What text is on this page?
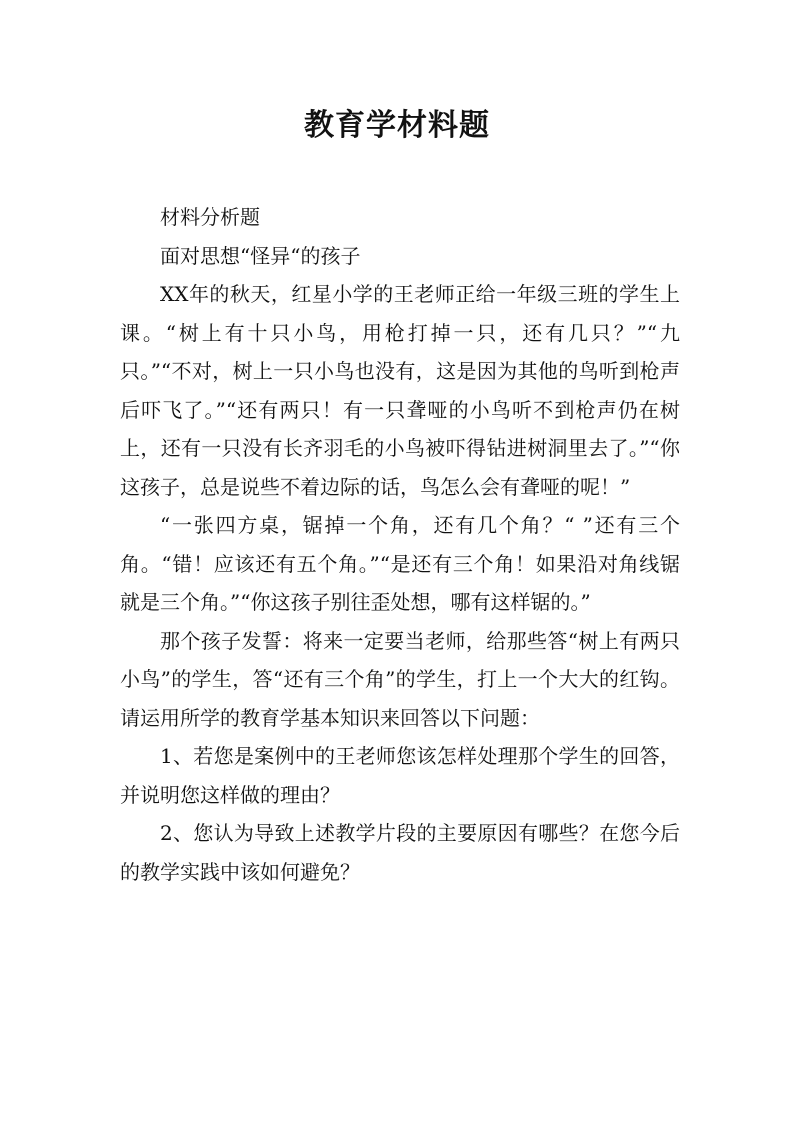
教育学材料题

材料分析题

面对思想“怪异“的孩子

XX年的秋天，红星小学的王老师正给一年级三班的学生上课。“树上有十只小鸟，用枪打掉一只，还有几只？”“九只。”“不对，树上一只小鸟也没有，这是因为其他的鸟听到枪声后吓飞了。”“还有两只！有一只聋哑的小鸟听不到枪声仍在树上，还有一只没有长齐羽毛的小鸟被吓得钻进树洞里去了。”“你这孩子，总是说些不着边际的话，鸟怎么会有聋哑的呢！”

“一张四方桌，锯掉一个角，还有几个角？“ ”还有三个角。“错！应该还有五个角。”“是还有三个角！如果沿对角线锯就是三个角。”“你这孩子别往歪处想，哪有这样锯的。”

那个孩子发誓：将来一定要当老师，给那些答“树上有两只小鸟”的学生，答“还有三个角”的学生，打上一个大大的红钩。请运用所学的教育学基本知识来回答以下问题：

1、若您是案例中的王老师您该怎样处理那个学生的回答，并说明您这样做的理由？

2、您认为导致上述教学片段的主要原因有哪些？在您今后的教学实践中该如何避免？
